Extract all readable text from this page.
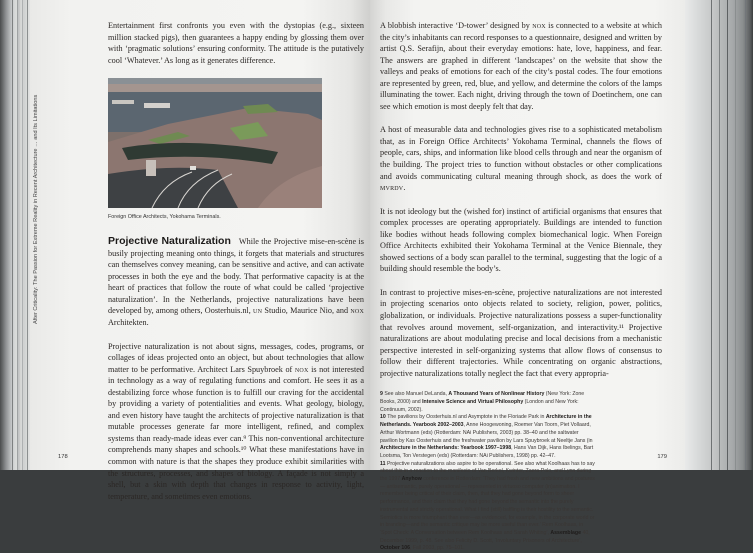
After Criticality: The Passion for Extreme Reality in Recent Architecture … and Its Limitations

Entertainment first confronts you even with the dystopias (e.g., sixteen million stacked pigs), then guarantees a happy ending by glossing them over with ‘pragmatic solutions’ ensuring conformity. The attitude is the putatively cool ‘Whatever.’ As long as it generates difference.

Foreign Office Architects, Yokohama Terminals.

Projective Naturalization While the Projective mise-en-scène is busily projecting meaning onto things, it forgets that materials and structures can themselves convey meaning, can be sensitive and active, and can activate processes in both the eye and the body. That performative capacity is at the heart of practices that follow the route of what could be called ‘projective naturalization’. In the Netherlands, projective naturalizations have been developed by, among others, Oosterhuis.nl, un Studio, Maurice Nio, and nox Architekten.

Projective naturalization is not about signs, messages, codes, programs, or collages of ideas projected onto an object, but about technologies that allow matter to be performative. Architect Lars Spuybroek of nox is not interested in technology as a way of regulating functions and comfort. He sees it as a destabilizing force whose function is to fulfill our craving for the accidental by providing a variety of potentialities and events. What geology, biology, and even history have taught the architects of projective naturalization is that mutable processes generate far more intelligent, refined, and complex systems than ready-made ideas ever can.⁹ This non-conventional architecture comprehends many shapes and schools.¹⁰ What these manifestations have in common with nature is that the shapes they produce exhibit similarities with the structures, processes, and shapes of biology. A façade is not simply a shell, but a skin with depth that changes in response to activity, light, temperature, and sometimes even emotions.

178

A blobbish interactive ‘D-tower’ designed by nox is connected to a website at which the city’s inhabitants can record responses to a questionnaire, designed and written by artist Q.S. Serafijn, about their everyday emotions: hate, love, happiness, and fear. The answers are graphed in different ‘landscapes’ on the website that show the valleys and peaks of emotions for each of the city’s postal codes. The four emotions are represented by green, red, blue, and yellow, and determine the colors of the lamps illuminating the tower. Each night, driving through the town of Doetinchem, one can see which emotion is most deeply felt that day.

A host of measurable data and technologies gives rise to a sophisticated metabolism that, as in Foreign Office Architects’ Yokohama Terminal, channels the flows of people, cars, ships, and information like blood cells through and near the organism of the building. The project tries to function without obstacles or other complications and avoids communicating cultural meaning through shock, as does the work of mvrdv.

It is not ideology but the (wished for) instinct of artificial organisms that ensures that complex processes are operating appropriately. Buildings are intended to function like bodies without heads following complex biomechanical logic. When Foreign Office Architects exhibited their Yokohama Terminal at the Venice Biennale, they showed sections of a body scan parallel to the terminal, suggesting that the logic of a building should resemble the body’s.

In contrast to projective mises-en-scène, projective naturalizations are not interested in projecting scenarios onto objects related to society, religion, power, politics, globalization, or individuals. Projective naturalizations possess a super-functionality that revolves around movement, self-organization, and interactivity.¹¹ Projective naturalizations are about modulating precise and local decisions from a mechanistic perspective interested in self-organizing systems that allow flows of consensus to follow their different trajectories. While concentrating on organic abstractions, projective naturalizations totally neglect the fact that every appropria-

9 See also Manuel DeLanda, A Thousand Years of Nonlinear History (New York: Zone Books, 2000) and Intensive Science and Virtual Philosophy (London and New York: Continuum, 2002).

10 The pavilions by Oosterhuis.nl and Asymptote in the Floriade Park in Architecture in the Netherlands. Yearbook 2002–2003, Anne Hoogewoning, Roemer Van Toorn, Piet Vollaard, Arthur Wortmann (eds) (Rotterdam: NAi Publishers, 2003) pp. 38–40 and the saltwater pavilion by Kas Oosterhuis and the freshwater pavilion by Lars Spuybroek at Neeltje Jans (in Architecture in the Netherlands: Yearbook 1997–1998, Hans Van Dijk, Hans Ibelings, Bart Lootsma, Ton Verstegen (eds) (Rotterdam: NAi Publishers, 1998) pp. 42–47.

11 Projective naturalizations also aspire to be operational. See also what Koolhaas has to say about this in a reaction to the manifesto of Van Berkel, Kwinter, Zaera-Polo, and Lynn during the 1997 Anyhow conference in Rotterdam: ‘They had fresh and new ambitions and postures — antisemantic, purely operational — represented in virtuoso computer (in)animation. I remember being critical of their claim, then, that they had gone beyond form to sheer performance, and their claim that they had gone beyond the semantic into the purely instrumental and strictly operational. What I find (still) baffling is their hostility to the semantic. Semiotics is more triumphant than ever—as evidenced, for example, in the corporate world or in branding—and the semantic critique may be more useful than ever.’ Rem Koolhaas, in ‘Spot Check: A Conversation between Rem Koolhaas and Sarah Whiting’, Assemblage 40, December 1999, p. 48. See also Felicity D. Scott, ‘Involuntary Prisoners of Architecture’, October 106, Fall 2003, pp. 75–101.

179
